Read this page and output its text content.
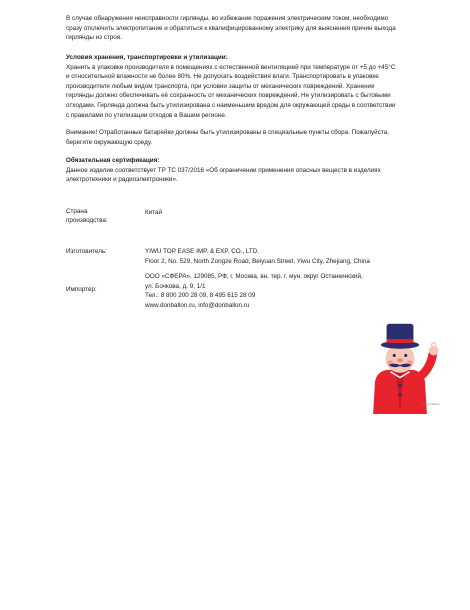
В случае обнаружения неисправности гирлянды, во избежание поражения электрическим током, необходимо
сразу отключить электропитание и обратиться к квалифицированному электрику для выяснения причин выхода
гирлянды из строя.
Условия хранения, транспортировки и утилизации:
Хранить в упаковке производителя в помещениях с естественной вентиляцией при температуре от +5 до +45°С
и относительной влажности не более 80%. Не допускать воздействия влаги. Транспортировать в упаковке
производителя любым видом транспорта, при условии защиты от механических повреждений. Хранение
гирлянды должно обеспечивать её сохранность от механических повреждений. Не утилизировать с бытовыми
отходами. Гирлянда должна быть утилизирована с наименьшим вредом для окружающей среды в соответствии
с правилами по утилизации отходов в Вашем регионе.
Внимание! Отработанные батарейки должны быть утилизированы в специальные пункты сбора. Пожалуйста,
берегите окружающую среду.
Обязательная сертификация:
Данное изделие соответствует ТР ТС 037/2016 «Об ограничении применения опасных веществ в изделиях
электротехники и радиоэлектроники».
Страна
производства:
Китай
Изготовитель:	YIWU TOP EASE IMP. & EXP. CO., LTD.
Floor 2, No. 529, North Zongze Road, Beiyuan Street, Yiwu City, Zhejiang, China
Импортер:
ООО «СФЕРА», 129085, РФ, г. Москва, вн. тер. г. мун. округ Останкинский,
ул. Бочкова, д. 9, 1/1
Тел.: 8 800 200 28 09, 8 495 615 28 09
www.donballon.ru, info@donballon.ru
© Don Ballon
